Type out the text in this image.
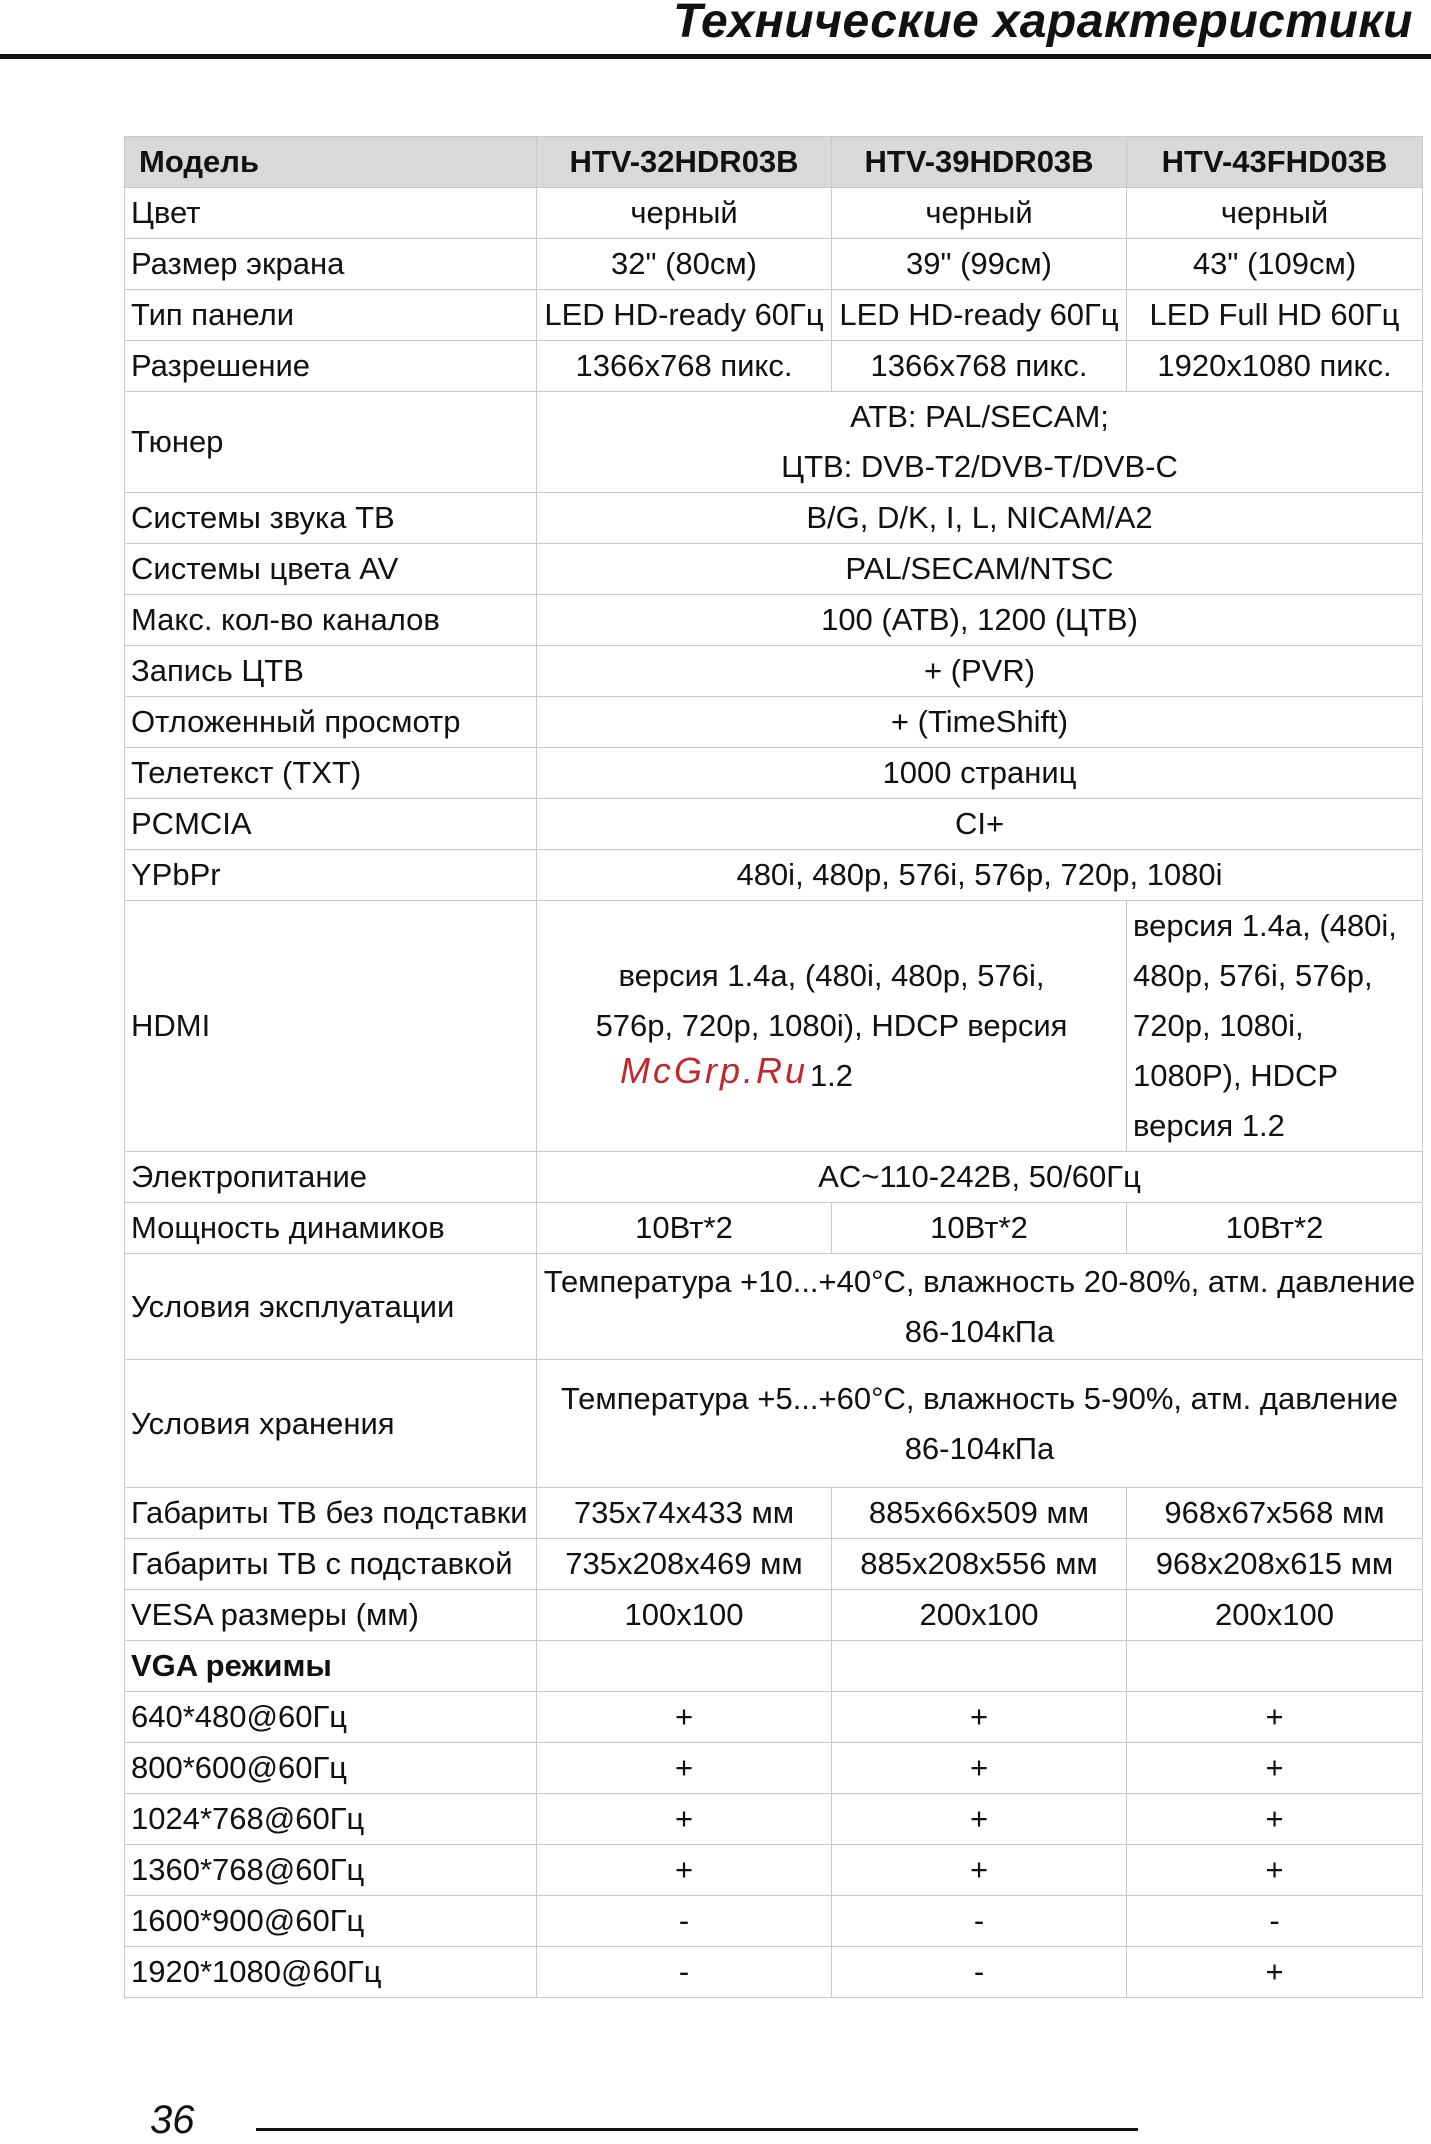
Технические характеристики
Модель	HTV-32HDR03B	HTV-39HDR03B	HTV-43FHD03B
Цвет	черный	черный	черный
Размер экрана	32" (80см)	39" (99см)	43" (109см)
Тип панели	LED HD-ready 60Гц	LED HD-ready 60Гц	LED Full HD 60Гц
Разрешение	1366x768 пикс.	1366x768 пикс.	1920x1080 пикс.
Тюнер	АТВ: PAL/SECAM;
ЦТВ: DVB-T2/DVB-T/DVB-C		

Системы звука ТВ	B/G, D/K, I, L, NICAM/A2		
Системы цвета AV	PAL/SECAM/NTSC		
Макс. кол-во каналов	100 (АТВ), 1200 (ЦТВ)		
Запись ЦТВ	+ (PVR)		
Отложенный просмотр	+ (TimeShift)		
Телетекст (TXT)	1000 страниц		
PCMCIA	CI+		
YPbPr	480i, 480p, 576i, 576p, 720p, 1080i		
HDMI	версия 1.4а, (480i, 480p, 576i, 576p, 720p, 1080i), HDCP версия 1.2		версия 1.4а, (480i, 480p, 576i, 576p, 720p, 1080i, 1080P), HDCP версия 1.2
Электропитание	AC~110-242B, 50/60Гц		
Мощность динамиков	10Вт*2	10Вт*2	10Вт*2
Условия эксплуатации	Температура +10...+40°С, влажность 20-80%, атм. давление 86-104кПа		
Условия хранения	Температура +5...+60°С, влажность 5-90%, атм. давление 86-104кПа		

Габариты ТВ без подставки	735x74x433 мм	885x66x509 мм	968x67x568 мм
Габариты ТВ с подставкой	735x208x469 мм	885x208x556 мм	968x208x615 мм
VESA размеры (мм)	100x100	200x100	200x100
VGA режимы			
640*480@60Гц	+	+	+
800*600@60Гц	+	+	+
1024*768@60Гц	+	+	+
1360*768@60Гц	+	+	+
1600*900@60Гц	-	-	-
1920*1080@60Гц	-	-	+
McGrp.Ru
36
